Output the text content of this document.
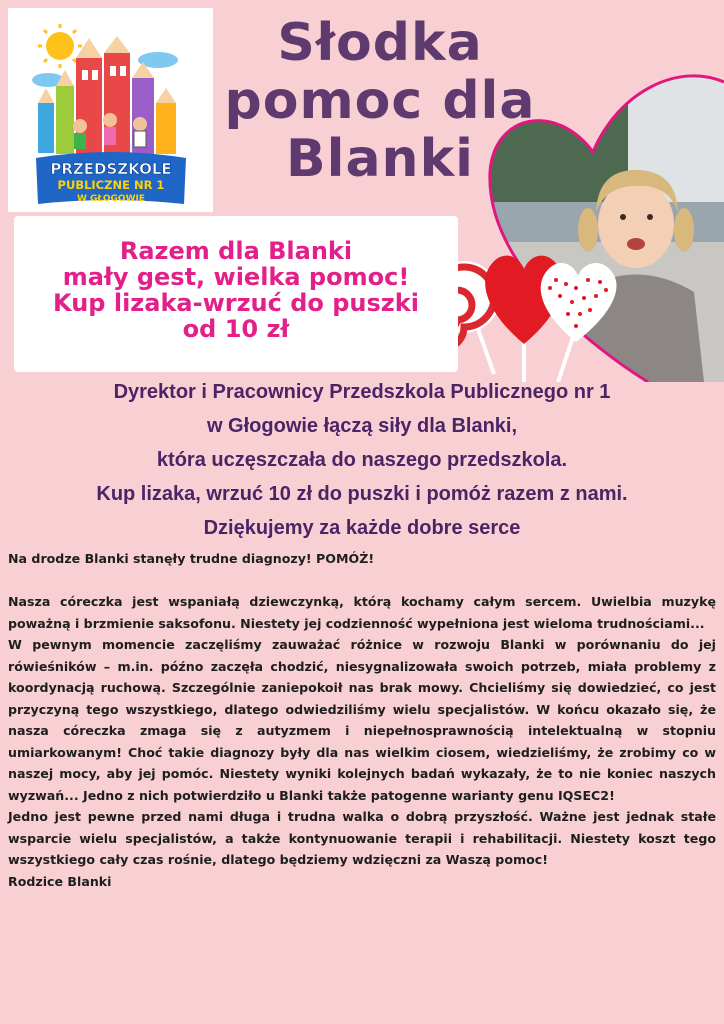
PRZEDSZKOLE
PUBLICZNE NR 1
W GŁOGOWIE
Słodka
pomoc dla
Blanki
Razem dla Blanki
mały gest, wielka pomoc!
Kup lizaka-wrzuć do puszki
od 10 zł
Dyrektor i Pracownicy Przedszkola Publicznego nr 1
w Głogowie łączą siły dla Blanki,
która uczęszczała do naszego przedszkola.
Kup lizaka, wrzuć 10 zł do puszki i pomóż razem z nami.
Dziękujemy za każde dobre serce

Na drodze Blanki stanęły trudne diagnozy! POMÓŻ!

Nasza córeczka jest wspaniałą dziewczynką, którą kochamy całym sercem. Uwielbia muzykę poważną i brzmienie saksofonu. Niestety jej codzienność wypełniona jest wieloma trudnościami...

W pewnym momencie zaczęliśmy zauważać różnice w rozwoju Blanki w porównaniu do jej rówieśników – m.in. późno zaczęła chodzić, niesygnalizowała swoich potrzeb, miała problemy z koordynacją ruchową. Szczególnie zaniepokoił nas brak mowy. Chcieliśmy się dowiedzieć, co jest przyczyną tego wszystkiego, dlatego odwiedziliśmy wielu specjalistów. W końcu okazało się, że nasza córeczka zmaga się z autyzmem i niepełnosprawnością intelektualną w stopniu umiarkowanym! Choć takie diagnozy były dla nas wielkim ciosem, wiedzieliśmy, że zrobimy co w naszej mocy, aby jej pomóc. Niestety wyniki kolejnych badań wykazały, że to nie koniec naszych wyzwań... Jedno z nich potwierdziło u Blanki także patogenne warianty genu IQSEC2!

Jedno jest pewne przed nami długa i trudna walka o dobrą przyszłość. Ważne jest jednak stałe wsparcie wielu specjalistów, a także kontynuowanie terapii i rehabilitacji. Niestety koszt tego wszystkiego cały czas rośnie, dlatego będziemy wdzięczni za Waszą pomoc!

Rodzice Blanki
